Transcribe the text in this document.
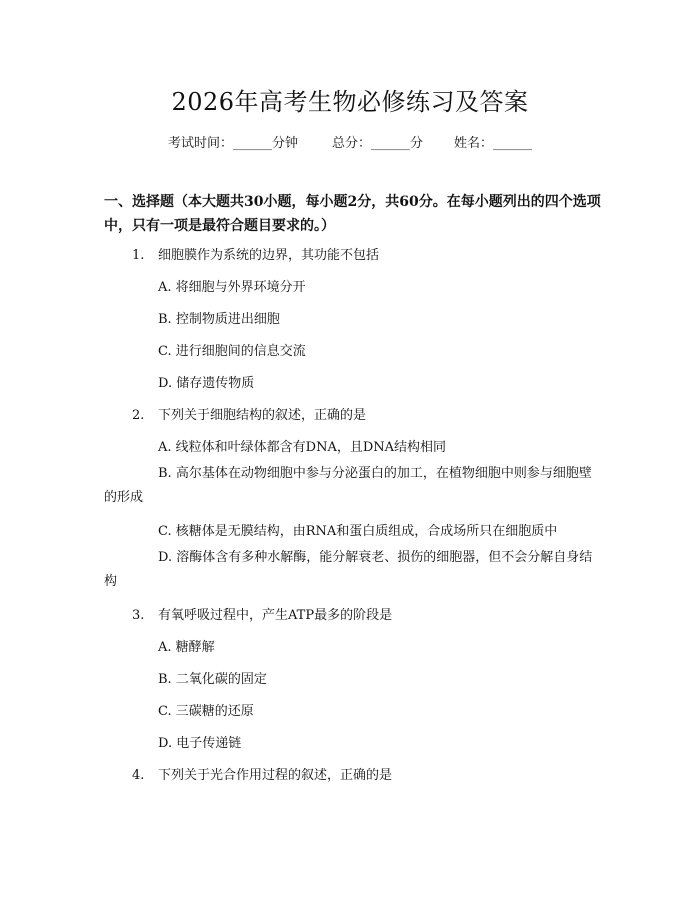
2026年高考生物必修练习及答案
考试时间：______分钟	总分：______分 姓名：______
一、选择题（本大题共30小题，每小题2分，共60分。在每小题列出的四个选项中，只有一项是最符合题目要求的。）
1. 细胞膜作为系统的边界，其功能不包括
A. 将细胞与外界环境分开
B. 控制物质进出细胞
C. 进行细胞间的信息交流
D. 储存遗传物质
2. 下列关于细胞结构的叙述，正确的是
A. 线粒体和叶绿体都含有DNA，且DNA结构相同
B. 高尔基体在动物细胞中参与分泌蛋白的加工，在植物细胞中则参与细胞壁的形成
C. 核糖体是无膜结构，由RNA和蛋白质组成，合成场所只在细胞质中
D. 溶酶体含有多种水解酶，能分解衰老、损伤的细胞器，但不会分解自身结构
3. 有氧呼吸过程中，产生ATP最多的阶段是
A. 糖酵解
B. 二氧化碳的固定
C. 三碳糖的还原
D. 电子传递链
4. 下列关于光合作用过程的叙述，正确的是
